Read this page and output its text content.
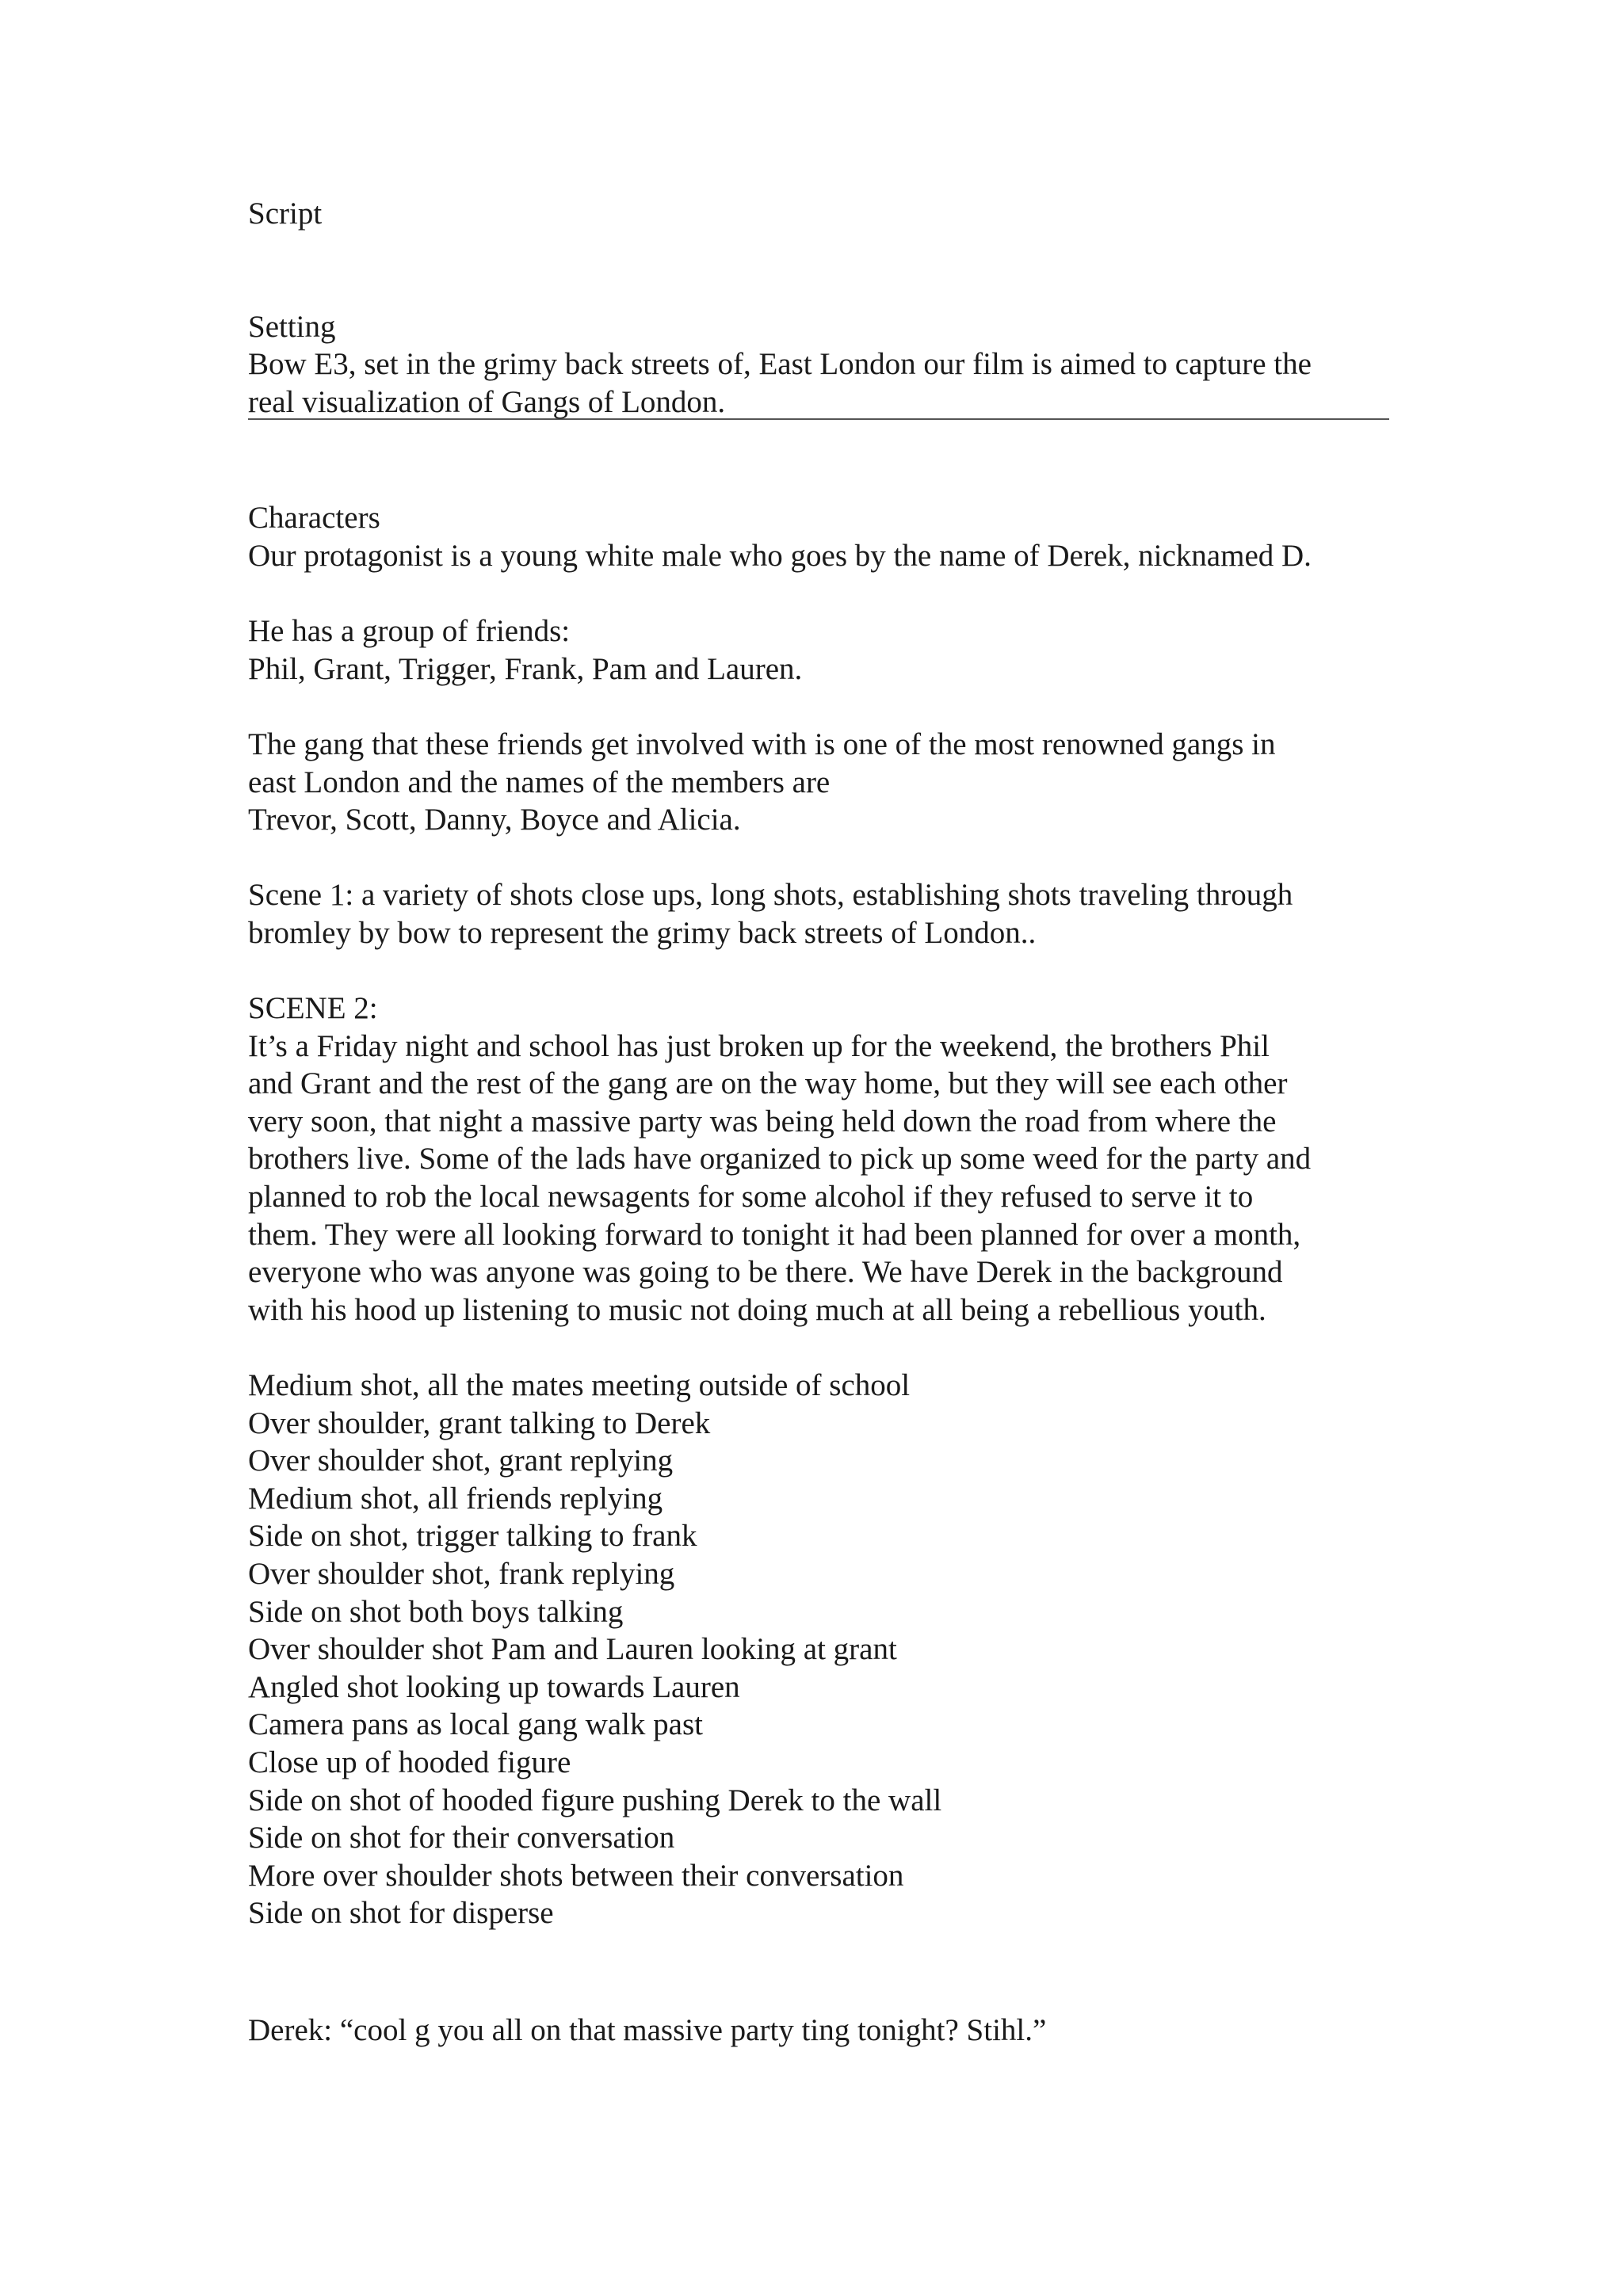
Script
Setting
Bow E3, set in the grimy back streets of, East London our film is aimed to capture the
real visualization of Gangs of London.
Characters
Our protagonist is a young white male who goes by the name of Derek, nicknamed D.
He has a group of friends:
Phil, Grant, Trigger, Frank, Pam and Lauren.
The gang that these friends get involved with is one of the most renowned gangs in
east London and the names of the members are
Trevor, Scott, Danny, Boyce and Alicia.
Scene 1: a variety of shots close ups, long shots, establishing shots traveling through
bromley by bow to represent the grimy back streets of London..
SCENE 2:
It’s a Friday night and school has just broken up for the weekend, the brothers Phil
and Grant and the rest of the gang are on the way home, but they will see each other
very soon, that night a massive party was being held down the road from where the
brothers live. Some of the lads have organized to pick up some weed for the party and
planned to rob the local newsagents for some alcohol if they refused to serve it to
them. They were all looking forward to tonight it had been planned for over a month,
everyone who was anyone was going to be there. We have Derek in the background
with his hood up listening to music not doing much at all being a rebellious youth.
Medium shot, all the mates meeting outside of school
Over shoulder, grant talking to Derek
Over shoulder shot, grant replying
Medium shot, all friends replying
Side on shot, trigger talking to frank
Over shoulder shot, frank replying
Side on shot both boys talking
Over shoulder shot Pam and Lauren looking at grant
Angled shot looking up towards Lauren
Camera pans as local gang walk past
Close up of hooded figure
Side on shot of hooded figure pushing Derek to the wall
Side on shot for their conversation
More over shoulder shots between their conversation
Side on shot for disperse
Derek: “cool g you all on that massive party ting tonight? Stihl.”
